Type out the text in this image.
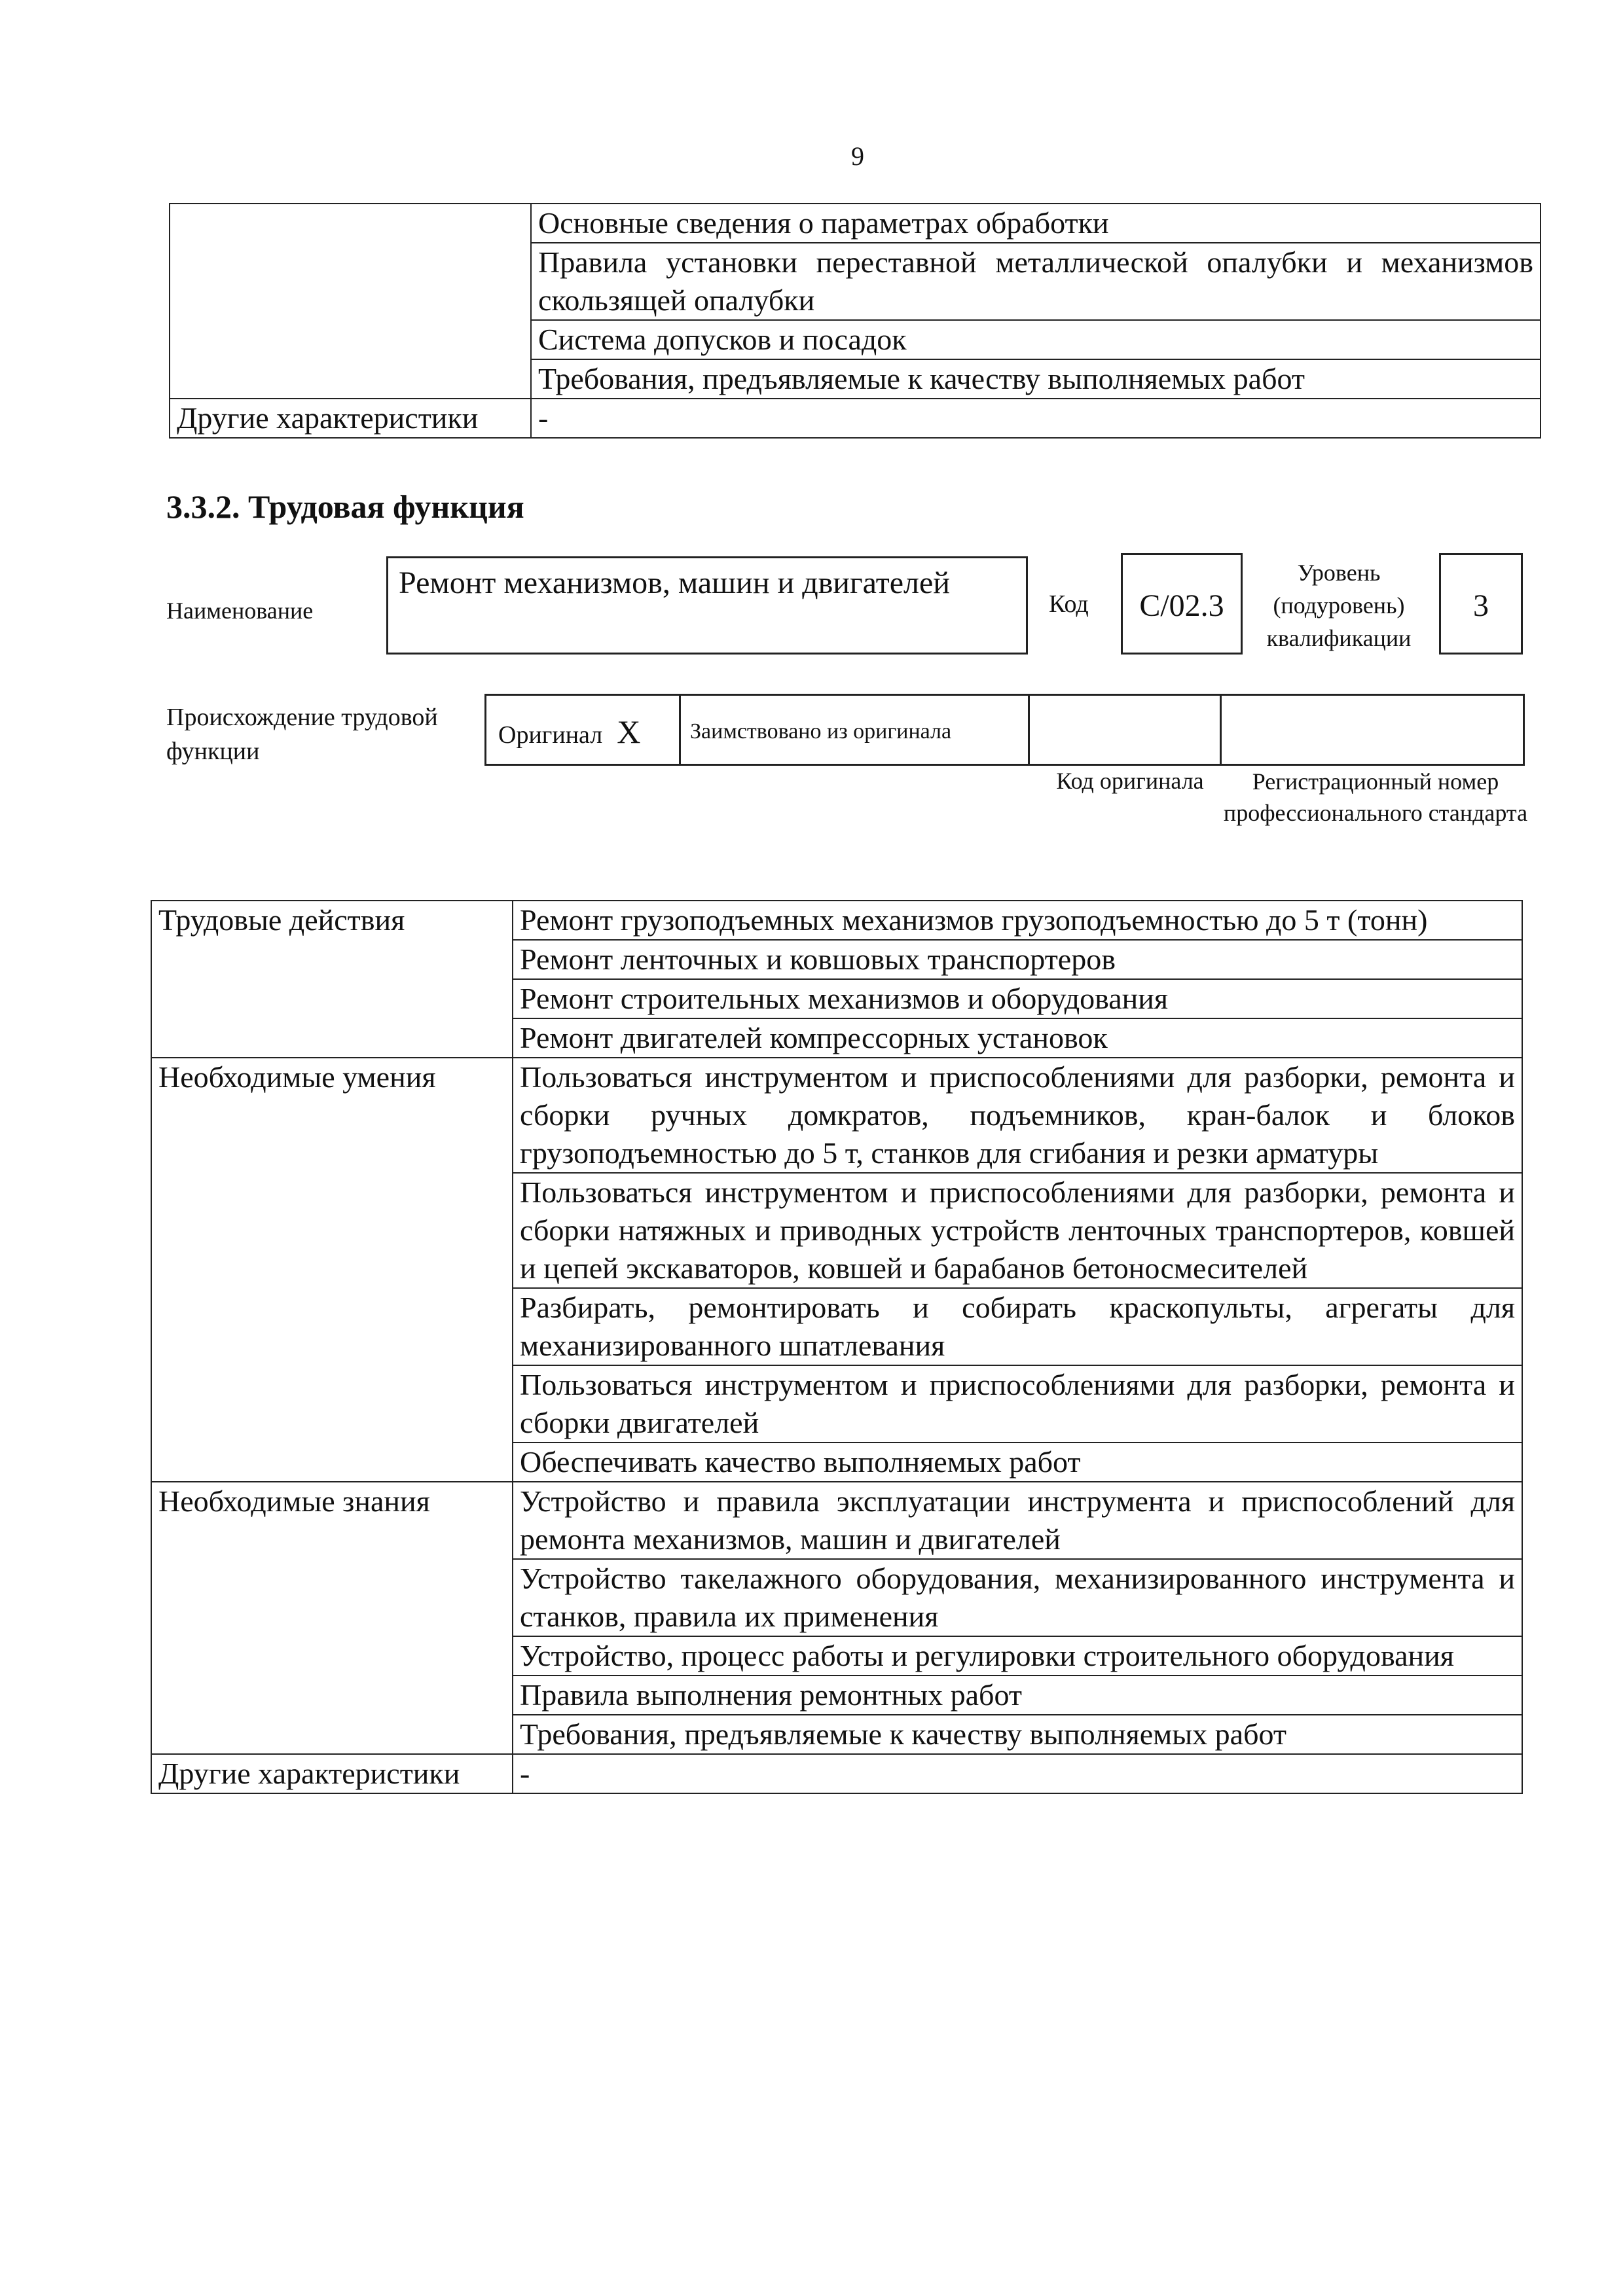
9
	Основные сведения о параметрах обработки
	Правила установки переставной металлической опалубки и механизмов скользящей опалубки
	Система допусков и посадок
	Требования, предъявляемые к качеству выполняемых работ
Другие характеристики	-
3.3.2. Трудовая функция
Наименование
Ремонт механизмов, машин и двигателей
Код	C/02.3
Уровень (подуровень) квалификации
3
Происхождение трудовой функции
Оригинал X	Заимствовано из оригинала
Код оригинала	Регистрационный номер профессионального стандарта
Трудовые действия	Ремонт грузоподъемных механизмов грузоподъемностью до 5 т (тонн)
	Ремонт ленточных и ковшовых транспортеров
	Ремонт строительных механизмов и оборудования
	Ремонт двигателей компрессорных установок
Необходимые умения	Пользоваться инструментом и приспособлениями для разборки, ремонта и сборки ручных домкратов, подъемников, кран-балок и блоков грузоподъемностью до 5 т, станков для сгибания и резки арматуры
	Пользоваться инструментом и приспособлениями для разборки, ремонта и сборки натяжных и приводных устройств ленточных транспортеров, ковшей и цепей экскаваторов, ковшей и барабанов бетоносмесителей
	Разбирать, ремонтировать и собирать краскопульты, агрегаты для механизированного шпатлевания
	Пользоваться инструментом и приспособлениями для разборки, ремонта и сборки двигателей
	Обеспечивать качество выполняемых работ
Необходимые знания	Устройство и правила эксплуатации инструмента и приспособлений для ремонта механизмов, машин и двигателей
	Устройство такелажного оборудования, механизированного инструмента и станков, правила их применения
	Устройство, процесс работы и регулировки строительного оборудования
	Правила выполнения ремонтных работ
	Требования, предъявляемые к качеству выполняемых работ
Другие характеристики	-
